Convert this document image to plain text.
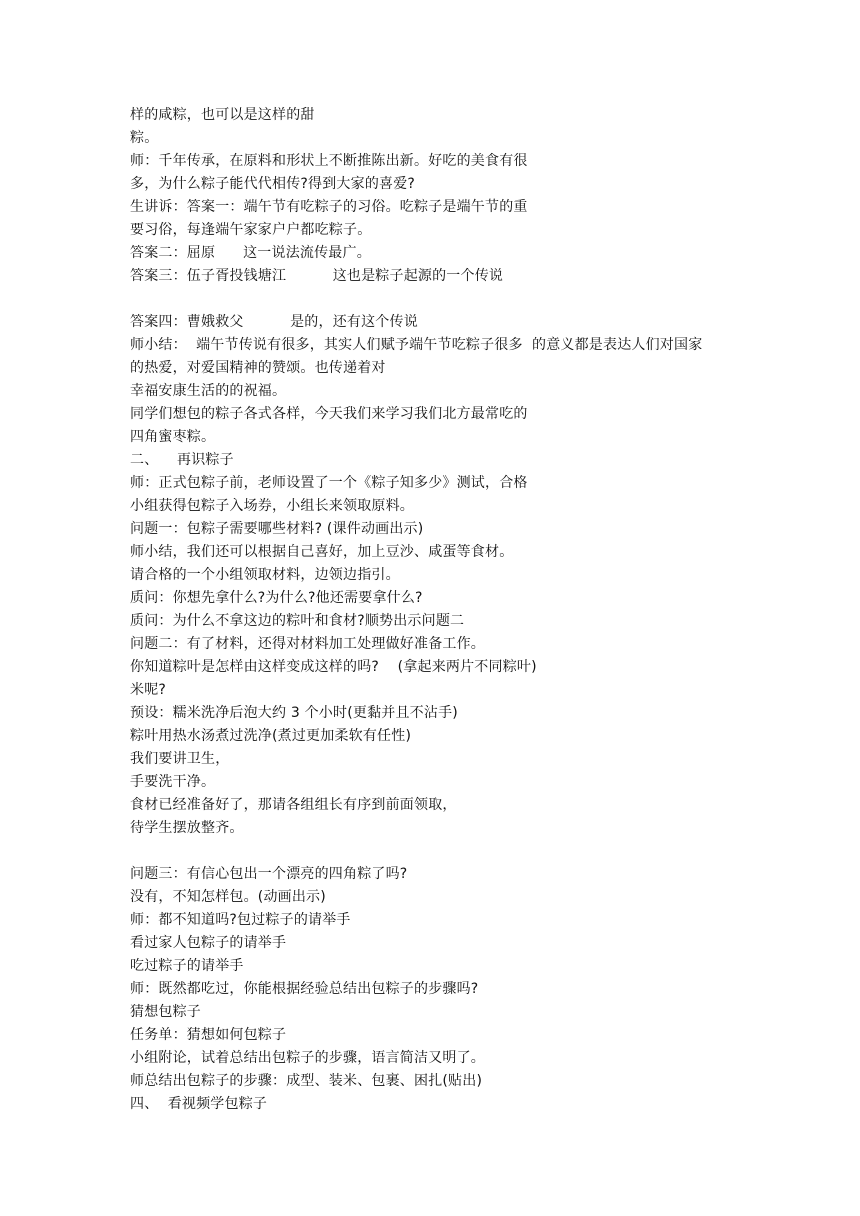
样的咸粽，也可以是这样的甜
粽。
师：千年传承，在原料和形状上不断推陈出新。好吃的美食有很
多，为什么粽子能代代相传?得到大家的喜爱?
生讲诉：答案一：端午节有吃粽子的习俗。吃粽子是端午节的重
要习俗，每逢端午家家户户都吃粽子。
答案二：屈原      这一说法流传最广。
答案三：伍子胥投钱塘江          这也是粽子起源的一个传说
答案四：曹娥救父          是的，还有这个传说
师小结：  端午节传说有很多，其实人们赋予端午节吃粽子很多  的意义都是表达人们对国家
的热爱，对爱国精神的赞颂。也传递着对
幸福安康生活的的祝福。
同学们想包的粽子各式各样，今天我们来学习我们北方最常吃的
四角蜜枣粽。
二、    再识粽子
师：正式包粽子前，老师设置了一个《粽子知多少》测试，合格
小组获得包粽子入场券，小组长来领取原料。
问题一：包粽子需要哪些材料? (课件动画出示)
师小结，我们还可以根据自己喜好，加上豆沙、咸蛋等食材。
请合格的一个小组领取材料，边领边指引。
质问：你想先拿什么?为什么?他还需要拿什么?
质问：为什么不拿这边的粽叶和食材?顺势出示问题二
问题二：有了材料，还得对材料加工处理做好准备工作。
你知道粽叶是怎样由这样变成这样的吗?    (拿起来两片不同粽叶)
米呢?
预设：糯米洗净后泡大约 3 个小时(更黏并且不沾手)
粽叶用热水汤煮过洗净(煮过更加柔软有任性)
我们要讲卫生，
手要洗干净。
食材已经准备好了，那请各组组长有序到前面领取，
待学生摆放整齐。
问题三：有信心包出一个漂亮的四角粽了吗?
没有，不知怎样包。(动画出示)
师：都不知道吗?包过粽子的请举手
看过家人包粽子的请举手
吃过粽子的请举手
师：既然都吃过，你能根据经验总结出包粽子的步骤吗?
猜想包粽子
任务单：猜想如何包粽子
小组附论，试着总结出包粽子的步骤，语言简洁又明了。
师总结出包粽子的步骤：成型、装米、包裹、困扎(贴出)
四、  看视频学包粽子
